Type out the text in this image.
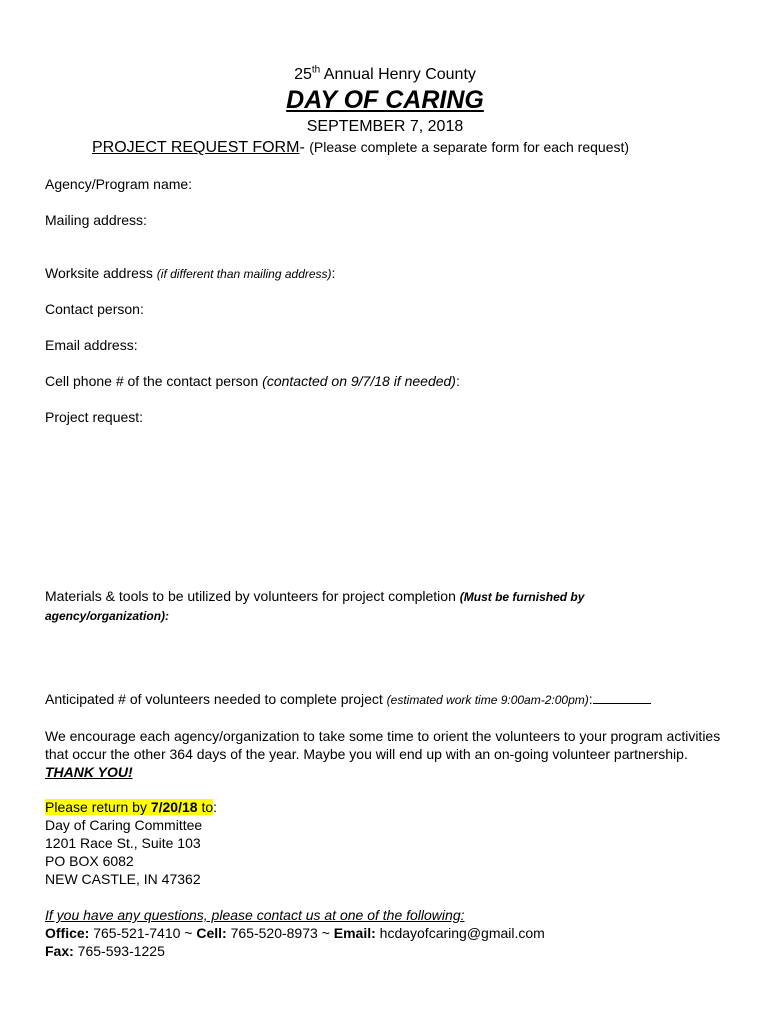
25th Annual Henry County
DAY OF CARING
SEPTEMBER 7, 2018
PROJECT REQUEST FORM- (Please complete a separate form for each request)
Agency/Program name:
Mailing address:
Worksite address (if different than mailing address):
Contact person:
Email address:
Cell phone # of the contact person (contacted on 9/7/18 if needed):
Project request:
Materials & tools to be utilized by volunteers for project completion (Must be furnished by agency/organization):
Anticipated # of volunteers needed to complete project (estimated work time 9:00am-2:00pm):
We encourage each agency/organization to take some time to orient the volunteers to your program activities that occur the other 364 days of the year. Maybe you will end up with an on-going volunteer partnership. THANK YOU!
Please return by 7/20/18 to:
Day of Caring Committee
1201 Race St., Suite 103
PO BOX 6082
NEW CASTLE, IN 47362
If you have any questions, please contact us at one of the following:
Office: 765-521-7410 ~ Cell: 765-520-8973 ~ Email: hcdayofcaring@gmail.com
Fax: 765-593-1225
